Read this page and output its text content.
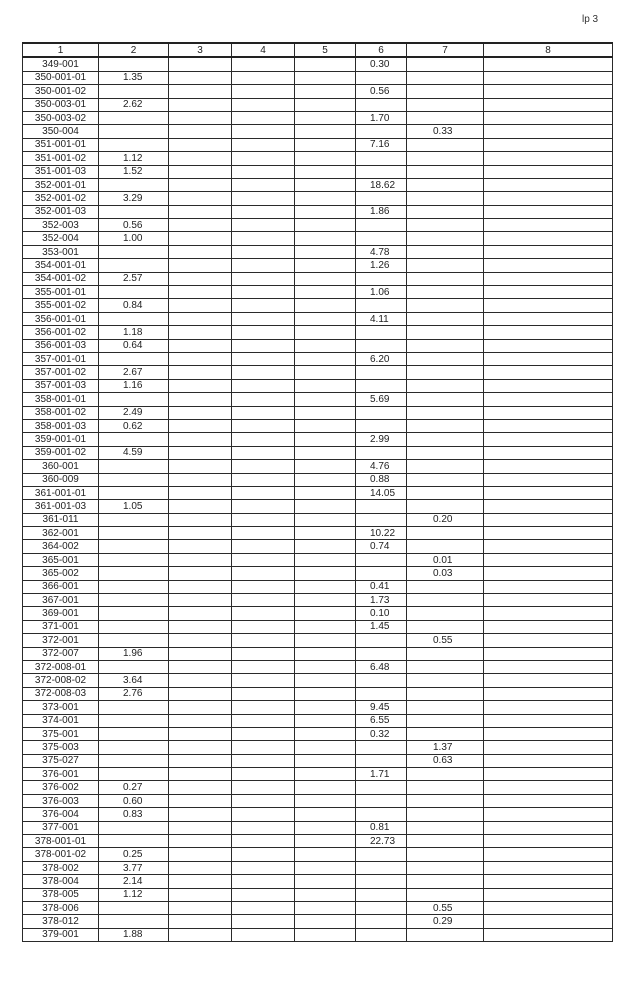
lp 3
1	2	3	4	5	6	7	8
349-001					0.30		
350-001-01	1.35						
350-001-02					0.56		
350-003-01	2.62						
350-003-02					1.70		
350-004						0.33	
351-001-01					7.16		
351-001-02	1.12						
351-001-03	1.52						
352-001-01					18.62		
352-001-02	3.29						
352-001-03					1.86		
352-003	0.56						
352-004	1.00						
353-001					4.78		
354-001-01					1.26		
354-001-02	2.57						
355-001-01					1.06		
355-001-02	0.84						
356-001-01					4.11		
356-001-02	1.18						
356-001-03	0.64						
357-001-01					6.20		
357-001-02	2.67						
357-001-03	1.16						
358-001-01					5.69		
358-001-02	2.49						
358-001-03	0.62						
359-001-01					2.99		
359-001-02	4.59						
360-001					4.76		
360-009					0.88		
361-001-01					14.05		
361-001-03	1.05						
361-011						0.20	
362-001					10.22		
364-002					0.74		
365-001						0.01	
365-002						0.03	
366-001					0.41		
367-001					1.73		
369-001					0.10		
371-001					1.45		
372-001						0.55	
372-007	1.96						
372-008-01					6.48		
372-008-02	3.64						
372-008-03	2.76						
373-001					9.45		
374-001					6.55		
375-001					0.32		
375-003						1.37	
375-027						0.63	
376-001					1.71		
376-002	0.27						
376-003	0.60						
376-004	0.83						
377-001					0.81		
378-001-01					22.73		
378-001-02	0.25						
378-002	3.77						
378-004	2.14						
378-005	1.12						
378-006						0.55	
378-012						0.29	
379-001	1.88						
